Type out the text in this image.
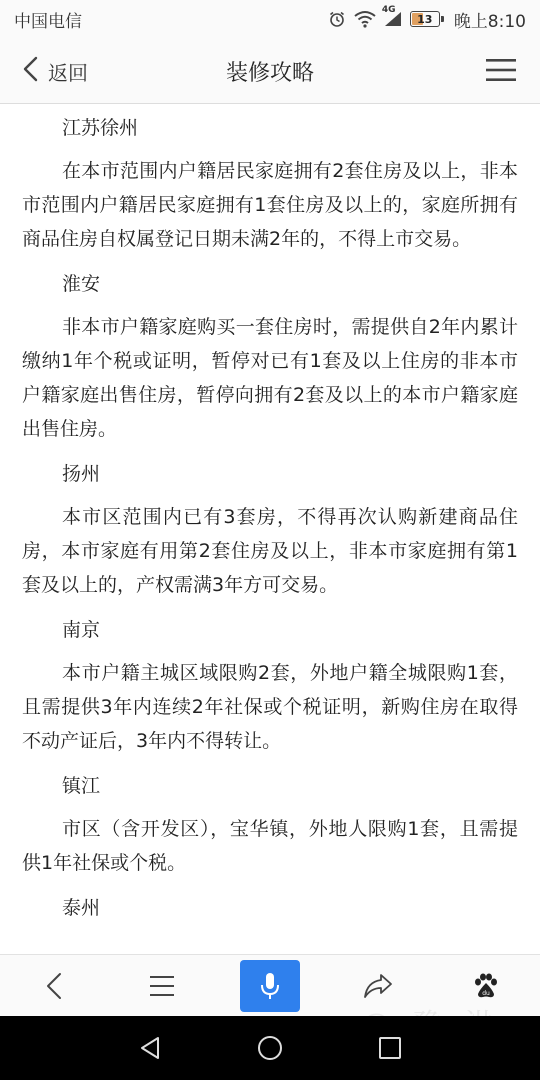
中国电信
4G
13 晚上8:10
返回	装修攻略
江苏徐州

在本市范围内户籍居民家庭拥有2套住房及以上，非本市范围内户籍居民家庭拥有1套住房及以上的，家庭所拥有商品住房自权属登记日期未满2年的，不得上市交易。

淮安

非本市户籍家庭购买一套住房时，需提供自2年内累计缴纳1年个税或证明，暂停对已有1套及以上住房的非本市户籍家庭出售住房，暂停向拥有2套及以上的本市户籍家庭出售住房。

扬州

本市区范围内已有3套房，不得再次认购新建商品住房，本市家庭有用第2套住房及以上，非本市家庭拥有第1套及以上的，产权需满3年方可交易。

南京

本市户籍主城区域限购2套，外地户籍全城限购1套，且需提供3年内连续2年社保或个税证明，新购住房在取得不动产证后，3年内不得转让。

镇江

市区（含开发区），宝华镇，外地人限购1套，且需提供1年社保或个税。

泰州
du
